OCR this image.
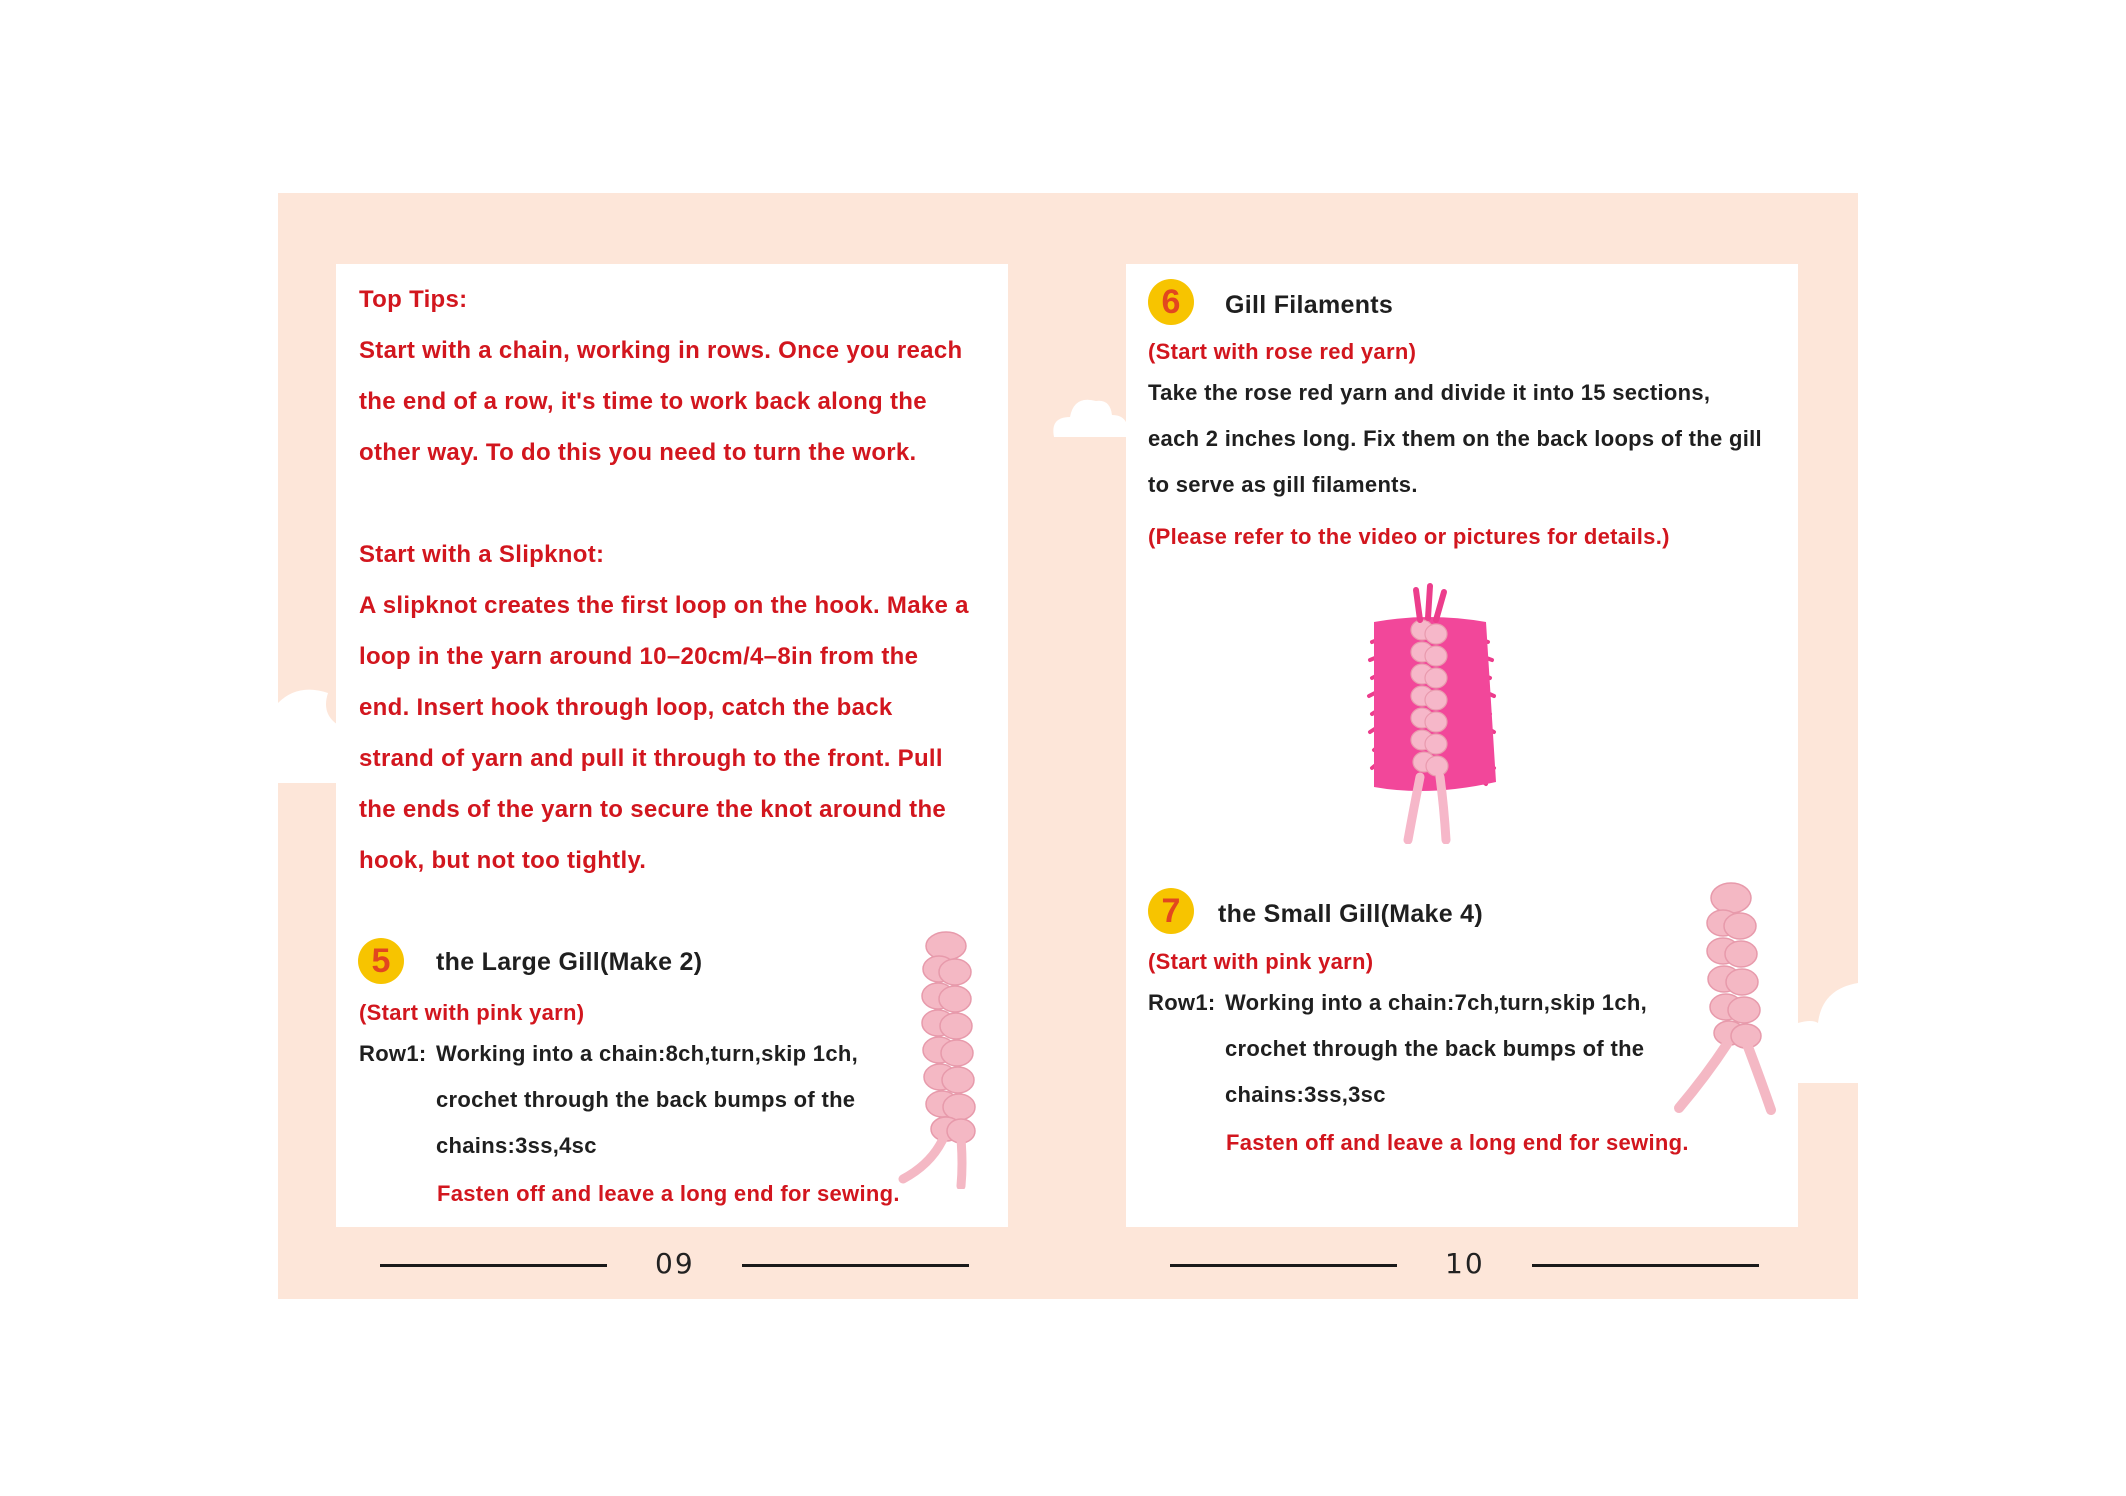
Top Tips:
Start with a chain, working in rows. Once you reach
the end of a row, it's time to work back along the
other way. To do this you need to turn the work.
Start with a Slipknot:
A slipknot creates the first loop on the hook. Make a
loop in the yarn around 10–20cm/4–8in from the
end. Insert hook through loop, catch the back
strand of yarn and pull it through to the front. Pull
the ends of the yarn to secure the knot around the
hook, but not too tightly.
5	the Large Gill(Make 2)
(Start with pink yarn)
Row1: Working into a chain:8ch,turn,skip 1ch,
crochet through the back bumps of the
chains:3ss,4sc
Fasten off and leave a long end for sewing.
6	Gill Filaments
(Start with rose red yarn)
Take the rose red yarn and divide it into 15 sections,
each 2 inches long. Fix them on the back loops of the gill
to serve as gill filaments.
(Please refer to the video or pictures for details.)
7	the Small Gill(Make 4)
(Start with pink yarn)
Row1: Working into a chain:7ch,turn,skip 1ch,
crochet through the back bumps of the
chains:3ss,3sc
Fasten off and leave a long end for sewing.
09	10
